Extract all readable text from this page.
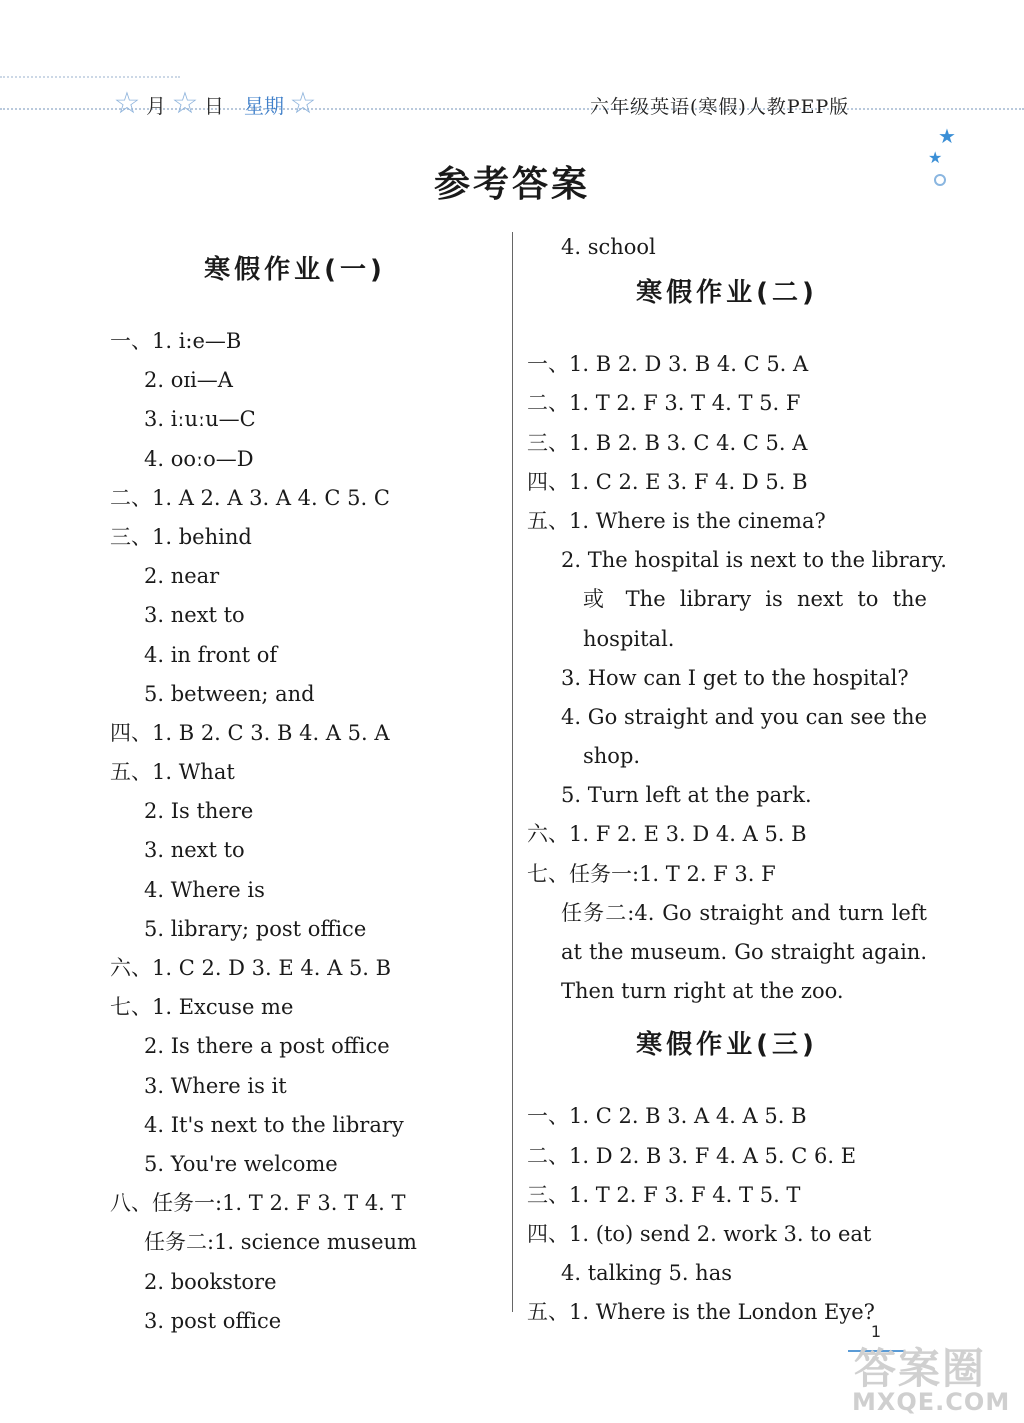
☆ 月 ☆ 日 星期 ☆	六年级英语(寒假)人教PEP版
★
★
参考答案
寒假作业(一)
一、1. i:e—B
2. oɪi—A
3. iːuːu—C
4. ooːo—D
二、1. A 2. A 3. A 4. C 5. C
三、1. behind
2. near
3. next to
4. in front of
5. between; and
四、1. B 2. C 3. B 4. A 5. A
五、1. What
2. Is there
3. next to
4. Where is
5. library; post office
六、1. C 2. D 3. E 4. A 5. B
七、1. Excuse me
2. Is there a post office
3. Where is it
4. It's next to the library
5. You're welcome
八、任务一:1. T 2. F 3. T 4. T
任务二:1. science museum
2. bookstore
3. post office
4. school
寒假作业(二)
一、1. B 2. D 3. B 4. C 5. A
二、1. T 2. F 3. T 4. T 5. F
三、1. B 2. B 3. C 4. C 5. A
四、1. C 2. E 3. F 4. D 5. B
五、1. Where is the cinema?
2. The hospital is next to the library.
或 The library is next to the
hospital.
3. How can I get to the hospital?
4. Go straight and you can see the
shop.
5. Turn left at the park.
六、1. F 2. E 3. D 4. A 5. B
七、任务一:1. T 2. F 3. F
任务二:4. Go straight and turn left
at the museum. Go straight again.
Then turn right at the zoo.
寒假作业(三)
一、1. C 2. B 3. A 4. A 5. B
二、1. D 2. B 3. F 4. A 5. C 6. E
三、1. T 2. F 3. F 4. T 5. T
四、1. (to) send 2. work 3. to eat
4. talking 5. has
五、1. Where is the London Eye?
1
答案圈
MXQE.COM
